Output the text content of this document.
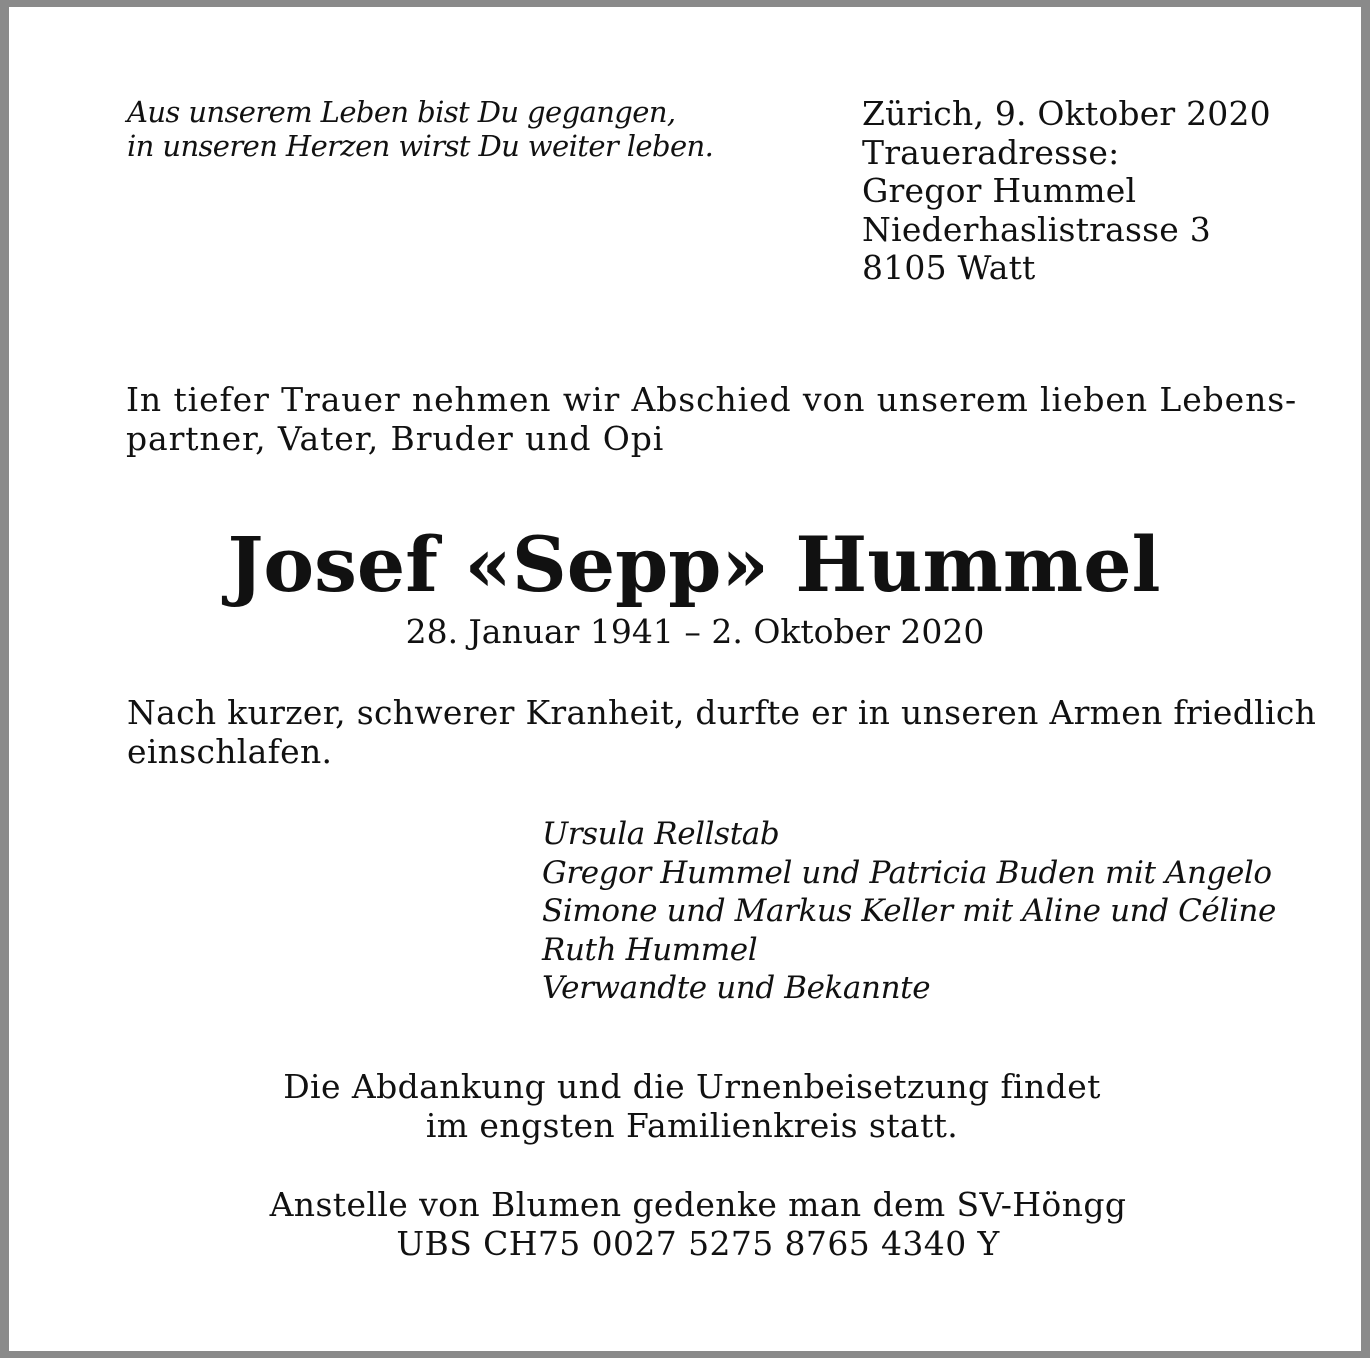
Aus unserem Leben bist Du gegangen,
in unseren Herzen wirst Du weiter leben.
Zürich, 9. Oktober 2020
Traueradresse:
Gregor Hummel
Niederhaslistrasse 3
8105 Watt
In tiefer Trauer nehmen wir Abschied von unserem lieben Lebens-
partner, Vater, Bruder und Opi
Josef «Sepp» Hummel
28. Januar 1941 – 2. Oktober 2020
Nach kurzer, schwerer Kranheit, durfte er in unseren Armen friedlich
einschlafen.
Ursula Rellstab
Gregor Hummel und Patricia Buden mit Angelo
Simone und Markus Keller mit Aline und Céline
Ruth Hummel
Verwandte und Bekannte
Die Abdankung und die Urnenbeisetzung findet
im engsten Familienkreis statt.
Anstelle von Blumen gedenke man dem SV-Höngg
UBS CH75 0027 5275 8765 4340 Y
